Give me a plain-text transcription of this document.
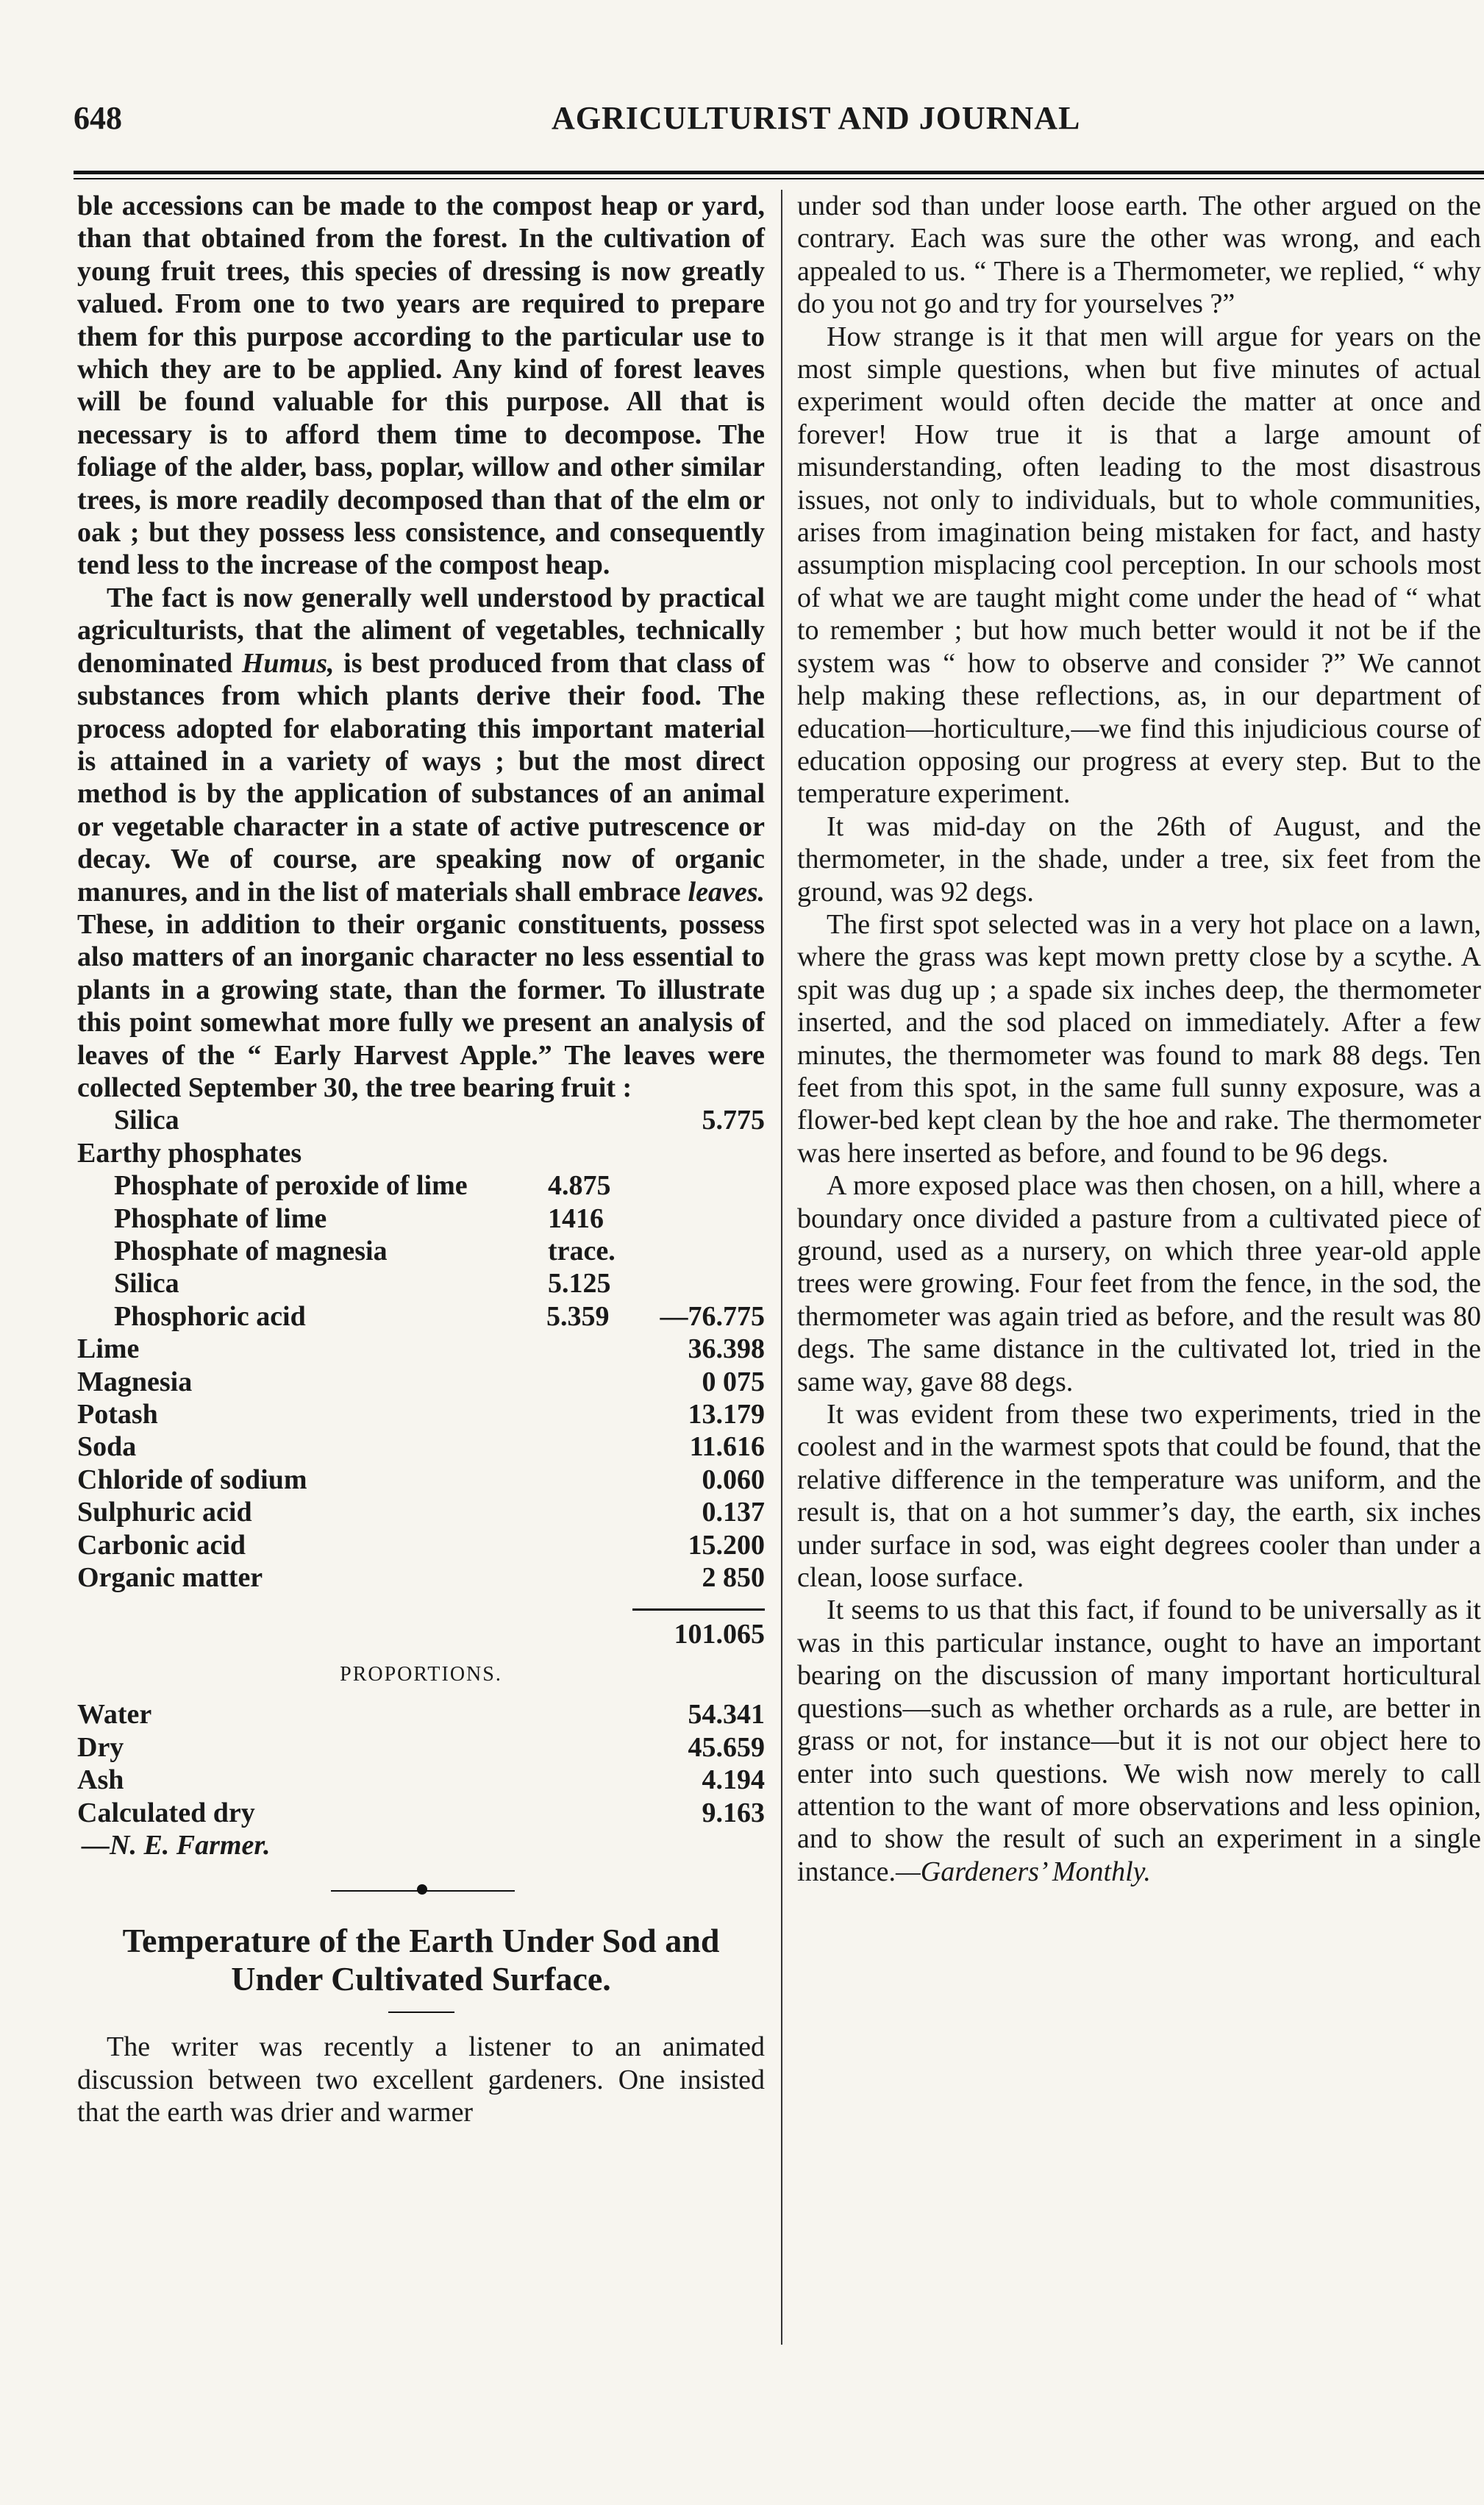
648	AGRICULTURIST AND JOURNAL

ble accessions can be made to the compost heap or yard, than that obtained from the forest. In the cultivation of young fruit trees, this species of dressing is now greatly valued. From one to two years are required to prepare them for this purpose according to the particular use to which they are to be applied. Any kind of forest leaves will be found valuable for this purpose. All that is necessary is to afford them time to decompose. The foliage of the alder, bass, poplar, willow and other similar trees, is more readily decomposed than that of the elm or oak ; but they possess less consistence, and consequently tend less to the increase of the compost heap.

The fact is now generally well understood by practical agriculturists, that the aliment of vegetables, technically denominated Humus, is best produced from that class of substances from which plants derive their food. The process adopted for elaborating this important material is attained in a variety of ways ; but the most direct method is by the application of substances of an animal or vegetable character in a state of active putrescence or decay. We of course, are speaking now of organic manures, and in the list of materials shall embrace leaves. These, in addition to their organic constituents, possess also matters of an inorganic character no less essential to plants in a growing state, than the former. To illustrate this point somewhat more fully we present an analysis of leaves of the “ Early Harvest Apple.” The leaves were collected September 30, the tree bearing fruit :

Silica	5.775
Earthy phosphates
Phosphate of peroxide of lime	4.875
Phosphate of lime	1416
Phosphate of magnesia	trace.
Silica	5.125
Phosphoric acid	5.359	—76.775
Lime	36.398
Magnesia	0 075
Potash	13.179
Soda	11.616
Chloride of sodium	0.060
Sulphuric acid	0.137
Carbonic acid	15.200
Organic matter	2 850
101.065
PROPORTIONS.
Water	54.341
Dry	45.659
Ash	4.194
Calculated dry	9.163
—N. E. Farmer.
Temperature of the Earth Under Sod and Under Cultivated Surface.

The writer was recently a listener to an animated discussion between two excellent gardeners. One insisted that the earth was drier and warmer

under sod than under loose earth. The other argued on the contrary. Each was sure the other was wrong, and each appealed to us. “ There is a Thermometer, we replied, “ why do you not go and try for yourselves ?”

How strange is it that men will argue for years on the most simple questions, when but five minutes of actual experiment would often decide the matter at once and forever! How true it is that a large amount of misunderstanding, often leading to the most disastrous issues, not only to individuals, but to whole communities, arises from imagination being mistaken for fact, and hasty assumption misplacing cool perception. In our schools most of what we are taught might come under the head of “ what to remember ; but how much better would it not be if the system was “ how to observe and consider ?” We cannot help making these reflections, as, in our department of education—horticulture,—we find this injudicious course of education opposing our progress at every step. But to the temperature experiment.

It was mid-day on the 26th of August, and the thermometer, in the shade, under a tree, six feet from the ground, was 92 degs.

The first spot selected was in a very hot place on a lawn, where the grass was kept mown pretty close by a scythe. A spit was dug up ; a spade six inches deep, the thermometer inserted, and the sod placed on immediately. After a few minutes, the thermometer was found to mark 88 degs. Ten feet from this spot, in the same full sunny exposure, was a flower-bed kept clean by the hoe and rake. The thermometer was here inserted as before, and found to be 96 degs.

A more exposed place was then chosen, on a hill, where a boundary once divided a pasture from a cultivated piece of ground, used as a nursery, on which three year-old apple trees were growing. Four feet from the fence, in the sod, the thermometer was again tried as before, and the result was 80 degs. The same distance in the cultivated lot, tried in the same way, gave 88 degs.

It was evident from these two experiments, tried in the coolest and in the warmest spots that could be found, that the relative difference in the temperature was uniform, and the result is, that on a hot summer’s day, the earth, six inches under surface in sod, was eight degrees cooler than under a clean, loose surface.

It seems to us that this fact, if found to be universally as it was in this particular instance, ought to have an important bearing on the discussion of many important horticultural questions—such as whether orchards as a rule, are better in grass or not, for instance—but it is not our object here to enter into such questions. We wish now merely to call attention to the want of more observations and less opinion, and to show the result of such an experiment in a single instance.—Gardeners’ Monthly.
